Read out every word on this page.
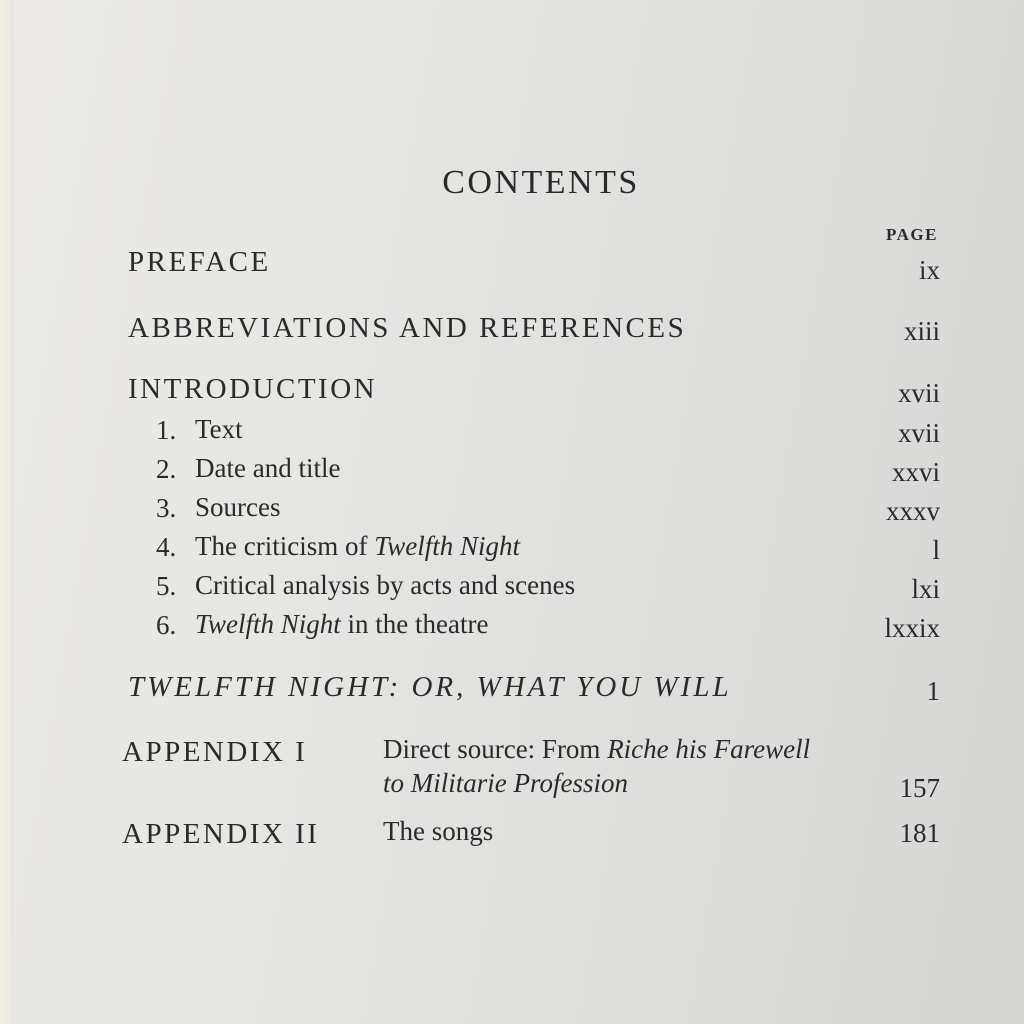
CONTENTS
PAGE
PREFACE	ix
ABBREVIATIONS AND REFERENCES	xiii
INTRODUCTION	xvii
1. Text	xvii
2. Date and title	xxvi
3. Sources	xxxv
4. The criticism of Twelfth Night	l
5. Critical analysis by acts and scenes	lxi
6. Twelfth Night in the theatre	lxxix
TWELFTH NIGHT: OR, WHAT YOU WILL	1
APPENDIX I	Direct source: From Riche his Farewell
to Militarie Profession	157
APPENDIX II The songs	181
